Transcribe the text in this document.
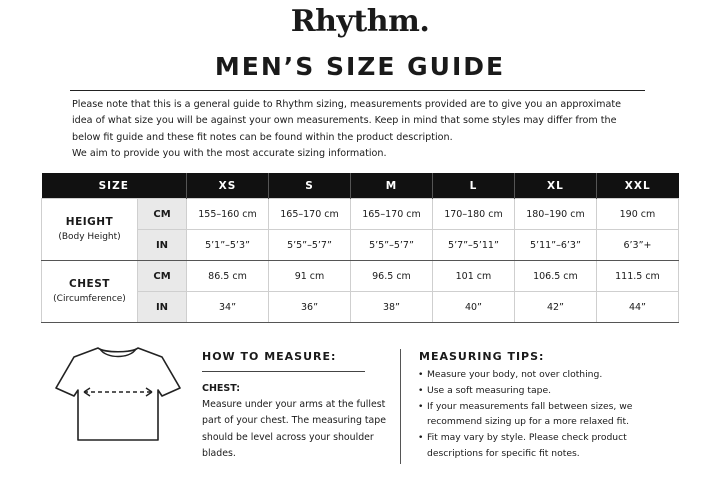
Rhythm.
MEN’S SIZE GUIDE

Please note that this is a general guide to Rhythm sizing, measurements provided are to give you an approximate idea of what size you will be against your own measurements. Keep in mind that some styles may differ from the below fit guide and these fit notes can be found within the product description.

We aim to provide you with the most accurate sizing information.

SIZE		XS	S	M	L	XL	XXL

HEIGHT
(Body Height)	CM	155–160 cm	165–170 cm	165–170 cm	170–180 cm	180–190 cm	190 cm
	IN	5’1”–5’3”	5’5”–5’7”	5’5”–5’7”	5’7”–5’11”	5’11”–6’3”	6’3”+

CHEST
(Circumference)	CM	86.5 cm	91 cm	96.5 cm	101 cm	106.5 cm	111.5 cm
	IN	34”	36”	38”	40”	42”	44”
HOW TO MEASURE:
CHEST:
Measure under your arms at the fullest part of your chest. The measuring tape should be level across your shoulder blades.
MEASURING TIPS:
• Measure your body, not over clothing.
• Use a soft measuring tape.
• If your measurements fall between sizes, we recommend sizing up for a more relaxed fit.
• Fit may vary by style. Please check product descriptions for specific fit notes.
